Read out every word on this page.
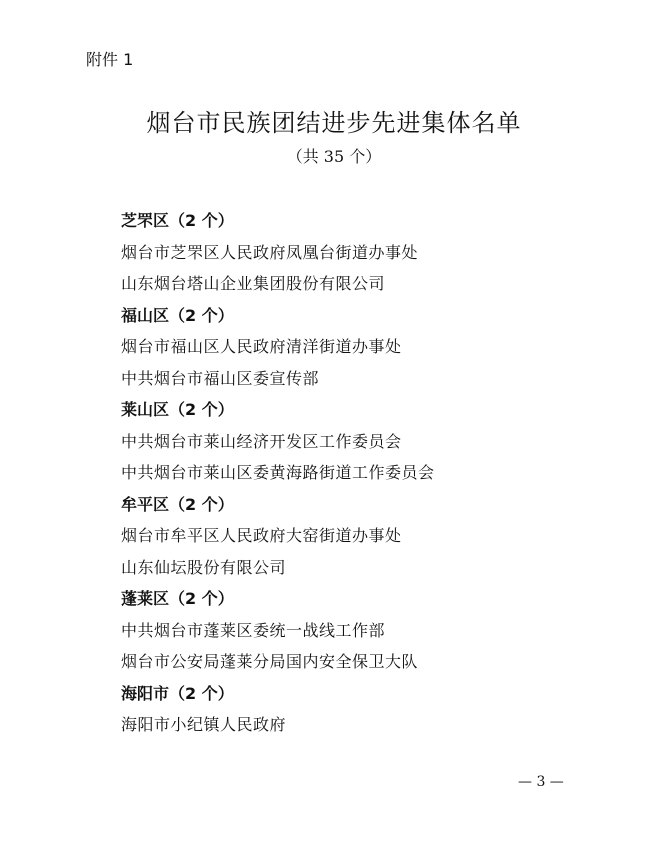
附件 1
烟台市民族团结进步先进集体名单
（共 35 个）
芝罘区（2 个）
烟台市芝罘区人民政府凤凰台街道办事处
山东烟台塔山企业集团股份有限公司
福山区（2 个）
烟台市福山区人民政府清洋街道办事处
中共烟台市福山区委宣传部
莱山区（2 个）
中共烟台市莱山经济开发区工作委员会
中共烟台市莱山区委黄海路街道工作委员会
牟平区（2 个）
烟台市牟平区人民政府大窑街道办事处
山东仙坛股份有限公司
蓬莱区（2 个）
中共烟台市蓬莱区委统一战线工作部
烟台市公安局蓬莱分局国内安全保卫大队
海阳市（2 个）
海阳市小纪镇人民政府
— 3 —
